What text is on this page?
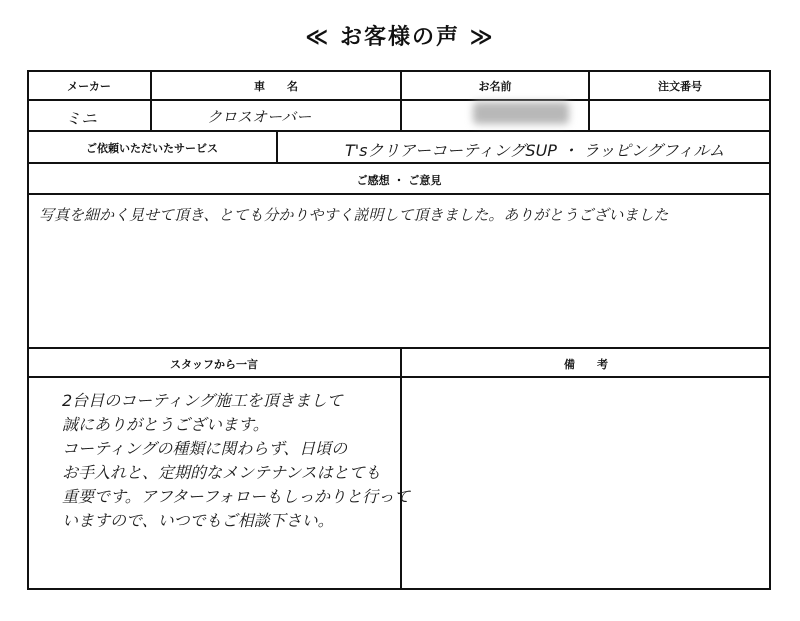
≪ お客様の声 ≫
メーカー	車　　名	お名前	注文番号
ミニ	クロスオーバー
ご依頼いただいたサービス	T'sクリアーコーティングSUP ・ ラッピングフィルム
ご感想 ・ ご意見
写真を細かく見せて頂き、とても分かりやすく説明して頂きました。ありがとうございました
スタッフから一言	備　　考
2台目のコーティング施工を頂きまして
誠にありがとうございます。
コーティングの種類に関わらず、日頃の
お手入れと、定期的なメンテナンスはとても
重要です。アフターフォローもしっかりと行って
いますので、いつでもご相談下さい。
